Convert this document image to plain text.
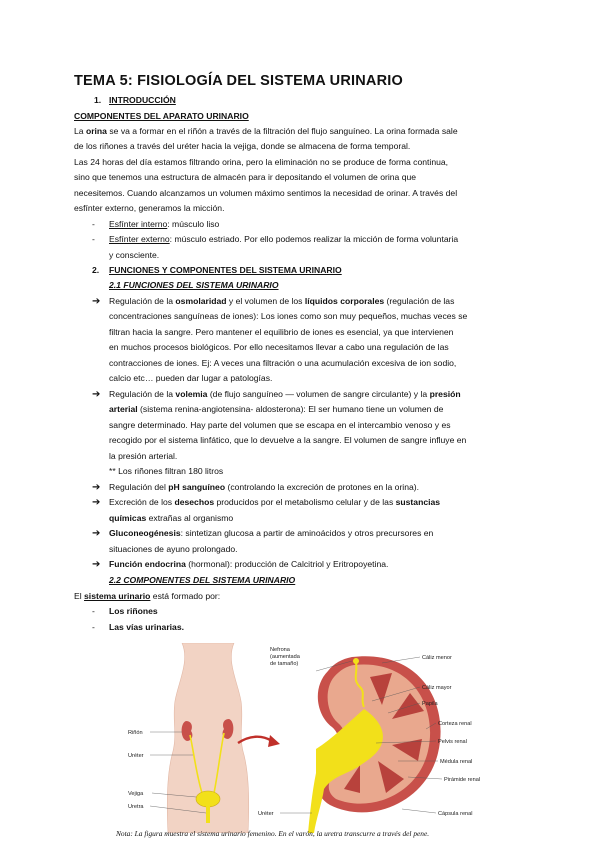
TEMA 5: FISIOLOGÍA DEL SISTEMA URINARIO
1. INTRODUCCIÓN
COMPONENTES DEL APARATO URINARIO
La orina se va a formar en el riñón a través de la filtración del flujo sanguíneo. La orina formada sale
de los riñones a través del uréter hacia la vejiga, donde se almacena de forma temporal.
Las 24 horas del día estamos filtrando orina, pero la eliminación no se produce de forma continua,
sino que tenemos una estructura de almacén para ir depositando el volumen de orina que
necesitemos. Cuando alcanzamos un volumen máximo sentimos la necesidad de orinar. A través del
esfínter externo, generamos la micción.
- Esfínter interno: músculo liso
- Esfínter externo: músculo estriado. Por ello podemos realizar la micción de forma voluntaria
y consciente.
2. FUNCIONES Y COMPONENTES DEL SISTEMA URINARIO
2.1 FUNCIONES DEL SISTEMA URINARIO
➔ Regulación de la osmolaridad y el volumen de los líquidos corporales (regulación de las
concentraciones sanguíneas de iones): Los iones como son muy pequeños, muchas veces se
filtran hacia la sangre. Pero mantener el equilibrio de iones es esencial, ya que intervienen
en muchos procesos biológicos. Por ello necesitamos llevar a cabo una regulación de las
contracciones de iones. Ej: A veces una filtración o una acumulación excesiva de ion sodio,
calcio etc… pueden dar lugar a patologías.
➔ Regulación de la volemia (de flujo sanguíneo — volumen de sangre circulante) y la presión
arterial (sistema renina-angiotensina- aldosterona): El ser humano tiene un volumen de
sangre determinado. Hay parte del volumen que se escapa en el intercambio venoso y es
recogido por el sistema linfático, que lo devuelve a la sangre. El volumen de sangre influye en
la presión arterial.
** Los riñones filtran 180 litros
➔ Regulación del pH sanguíneo (controlando la excreción de protones en la orina).
➔ Excreción de los desechos producidos por el metabolismo celular y de las sustancias
químicas extrañas al organismo
➔ Gluconeogénesis: sintetizan glucosa a partir de aminoácidos y otros precursores en
situaciones de ayuno prolongado.
➔ Función endocrina (hormonal): producción de Calcitriol y Eritropoyetina.
2.2 COMPONENTES DEL SISTEMA URINARIO
El sistema urinario está formado por:
- Los riñones
- Las vías urinarias.
Riñón
Uréter
Vejiga
Uretra
Cáliz menor
Cáliz mayor
Papila
Corteza renal
Pelvis renal
Médula renal
Pirámide renal
Cápsula renal
Nefrona
(aumentada
de tamaño)
Uréter
Nota: La figura muestra el sistema urinario femenino. En el varón, la uretra transcurre a través del pene.
